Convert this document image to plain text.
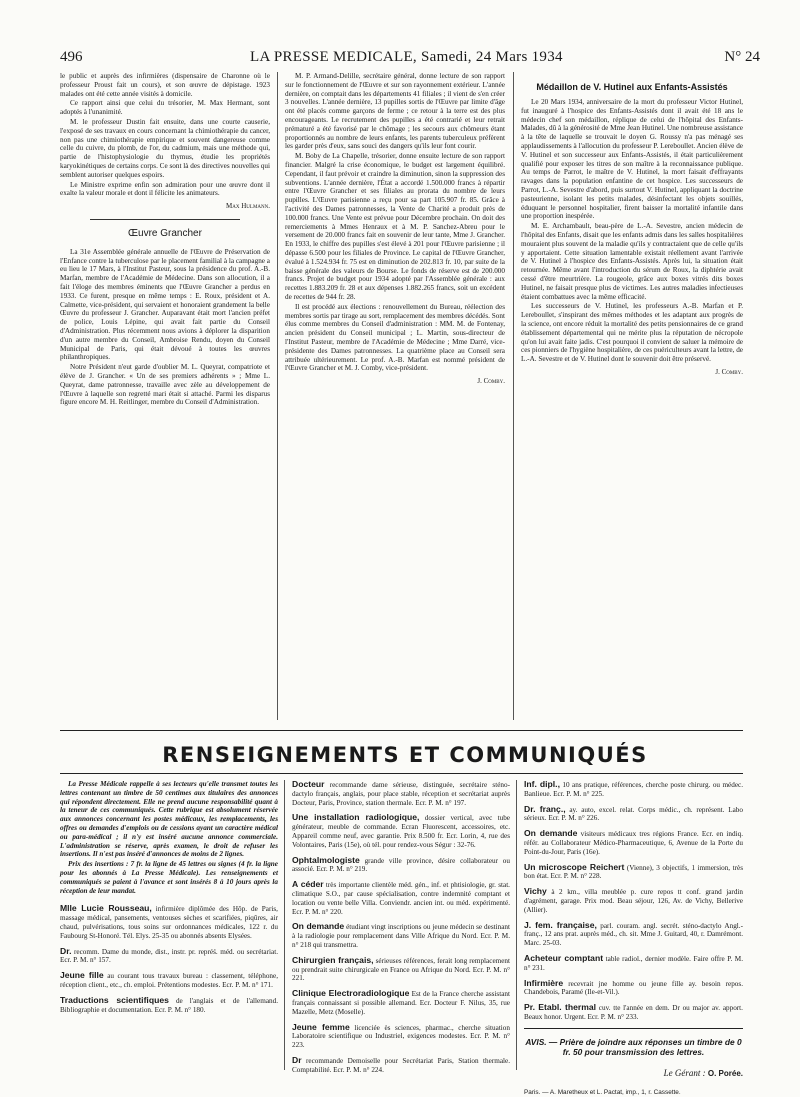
496	LA PRESSE MEDICALE, Samedi, 24 Mars 1934	N° 24

le public et auprès des infirmières (dispensaire de Charonne où le professeur Proust fait un cours), et son œuvre de dépistage. 1923 malades ont été cette année visités à domicile.

Ce rapport ainsi que celui du trésorier, M. Max Hermant, sont adoptés à l'unanimité.

M. le professeur Dustin fait ensuite, dans une courte causerie, l'exposé de ses travaux en cours concernant la chimiothérapie du cancer, non pas une chimiothérapie empirique et souvent dangereuse comme celle du cuivre, du plomb, de l'or, du cadmium, mais une méthode qui, partie de l'histophysiologie du thymus, étudie les propriétés karyokinétiques de certains corps. Ce sont là des directives nouvelles qui semblent autoriser quelques espoirs.

Le Ministre exprime enfin son admiration pour une œuvre dont il exalte la valeur morale et dont il félicite les animateurs.

Max Hulmann.
Œuvre Grancher

La 31e Assemblée générale annuelle de l'Œuvre de Préservation de l'Enfance contre la tuberculose par le placement familial à la campagne a eu lieu le 17 Mars, à l'Institut Pasteur, sous la présidence du prof. A.-B. Marfan, membre de l'Académie de Médecine. Dans son allocution, il a fait l'éloge des membres éminents que l'Œuvre Grancher a perdus en 1933. Ce furent, presque en même temps : E. Roux, président et A. Calmette, vice-président, qui servaient et honoraient grandement la belle Œuvre du professeur J. Grancher. Auparavant était mort l'ancien préfet de police, Louis Lépine, qui avait fait partie du Conseil d'Administration. Plus récemment nous avions à déplorer la disparition d'un autre membre du Conseil, Ambroise Rendu, doyen du Conseil Municipal de Paris, qui était dévoué à toutes les œuvres philanthropiques.

Notre Président n'eut garde d'oublier M. L. Queyrat, compatriote et élève de J. Grancher. « Un de ses premiers adhérents » ; Mme L. Queyrat, dame patronnesse, travaille avec zèle au développement de l'Œuvre à laquelle son regretté mari était si attaché. Parmi les disparus figure encore M. H. Reitlinger, membre du Conseil d'Administration.

M. P. Armand-Delille, secrétaire général, donne lecture de son rapport sur le fonctionnement de l'Œuvre et sur son rayonnement extérieur. L'année dernière, on comptait dans les départements 41 filiales ; il vient de s'en créer 3 nouvelles. L'année dernière, 13 pupilles sortis de l'Œuvre par limite d'âge ont été placés comme garçons de ferme ; ce retour à la terre est des plus encourageants. Le recrutement des pupilles a été contrarié et leur retrait prématuré a été favorisé par le chômage ; les secours aux chômeurs étant proportionnés au nombre de leurs enfants, les parents tuberculeux préfèrent les garder près d'eux, sans souci des dangers qu'ils leur font courir.

M. Boby de La Chapelle, trésorier, donne ensuite lecture de son rapport financier. Malgré la crise économique, le budget est largement équilibré. Cependant, il faut prévoir et craindre la diminution, sinon la suppression des subventions. L'année dernière, l'État a accordé 1.500.000 francs à répartir entre l'Œuvre Grancher et ses filiales au prorata du nombre de leurs pupilles. L'Œuvre parisienne a reçu pour sa part 105.907 fr. 85. Grâce à l'activité des Dames patronnesses, la Vente de Charité a produit près de 100.000 francs. Une Vente est prévue pour Décembre prochain. On doit des remerciements à Mmes Henraux et à M. P. Sanchez-Abreu pour le versement de 20.000 francs fait en souvenir de leur tante, Mme J. Grancher. En 1933, le chiffre des pupilles s'est élevé à 201 pour l'Œuvre parisienne ; il dépasse 6.500 pour les filiales de Province. Le capital de l'Œuvre Grancher, évalué à 1.524.934 fr. 75 est en diminution de 202.813 fr. 10, par suite de la baisse générale des valeurs de Bourse. Le fonds de réserve est de 200.000 francs. Projet de budget pour 1934 adopté par l'Assemblée générale : aux recettes 1.883.209 fr. 28 et aux dépenses 1.882.265 francs, soit un excédent de recettes de 944 fr. 28.

Il est procédé aux élections : renouvellement du Bureau, réélection des membres sortis par tirage au sort, remplacement des membres décédés. Sont élus comme membres du Conseil d'administration : MM. M. de Fontenay, ancien président du Conseil municipal ; L. Martin, sous-directeur de l'Institut Pasteur, membre de l'Académie de Médecine ; Mme Darré, vice-présidente des Dames patronnesses. La quatrième place au Conseil sera attribuée ultérieurement. Le prof. A.-B. Marfan est nommé président de l'Œuvre Grancher et M. J. Comby, vice-président.

J. Comby.
Médaillon de V. Hutinel aux Enfants-Assistés

Le 20 Mars 1934, anniversaire de la mort du professeur Victor Hutinel, fut inauguré à l'hospice des Enfants-Assistés dont il avait été 18 ans le médecin chef son médaillon, réplique de celui de l'hôpital des Enfants-Malades, dû à la générosité de Mme Jean Hutinel. Une nombreuse assistance à la tête de laquelle se trouvait le doyen G. Roussy n'a pas ménagé ses applaudissements à l'allocution du professeur P. Lereboullet. Ancien élève de V. Hutinel et son successeur aux Enfants-Assistés, il était particulièrement qualifié pour exposer les titres de son maître à la reconnaissance publique. Au temps de Parrot, le maître de V. Hutinel, la mort faisait d'effrayants ravages dans la population enfantine de cet hospice. Les successeurs de Parrot, L.-A. Sevestre d'abord, puis surtout V. Hutinel, appliquant la doctrine pasteurienne, isolant les petits malades, désinfectant les objets souillés, éduquant le personnel hospitalier, firent baisser la mortalité infantile dans une proportion inespérée.

M. E. Archambault, beau-père de L.-A. Sevestre, ancien médecin de l'hôpital des Enfants, disait que les enfants admis dans les salles hospitalières mouraient plus souvent de la maladie qu'ils y contractaient que de celle qu'ils y apportaient. Cette situation lamentable existait réellement avant l'arrivée de V. Hutinel à l'hospice des Enfants-Assistés. Après lui, la situation était retournée. Même avant l'introduction du sérum de Roux, la diphtérie avait cessé d'être meurtrière. La rougeole, grâce aux boxes vitrés dits boxes Hutinel, ne faisait presque plus de victimes. Les autres maladies infectieuses étaient combattues avec la même efficacité.

Les successeurs de V. Hutinel, les professeurs A.-B. Marfan et P. Lereboullet, s'inspirant des mêmes méthodes et les adaptant aux progrès de la science, ont encore réduit la mortalité des petits pensionnaires de ce grand établissement départemental qui ne mérite plus la réputation de nécropole qu'on lui avait faite jadis. C'est pourquoi il convient de saluer la mémoire de ces pionniers de l'hygiène hospitalière, de ces puériculteurs avant la lettre, de L.-A. Sevestre et de V. Hutinel dont le souvenir doit être préservé.

J. Comby.
RENSEIGNEMENTS ET COMMUNIQUÉS

La Presse Médicale rappelle à ses lecteurs qu'elle transmet toutes les lettres contenant un timbre de 50 centimes aux titulaires des annonces qui répondent directement. Elle ne prend aucune responsabilité quant à la teneur de ces communiqués. Cette rubrique est absolument réservée aux annonces concernant les postes médicaux, les remplacements, les offres ou demandes d'emplois ou de cessions ayant un caractère médical ou para-médical ; il n'y est inséré aucune annonce commerciale. L'administration se réserve, après examen, le droit de refuser les insertions. Il n'est pas inséré d'annonces de moins de 2 lignes.

Prix des insertions : 7 fr. la ligne de 45 lettres ou signes (4 fr. la ligne pour les abonnés à La Presse Médicale). Les renseignements et communiqués se paient à l'avance et sont insérés 8 à 10 jours après la réception de leur mandat.

Mlle Lucie Rousseau, infirmière diplômée des Hôp. de Paris, massage médical, pansements, ventouses sèches et scarifiées, piqûres, air chaud, pulvérisations, tous soins sur ordonnances médicales, 122 r. du Faubourg St-Honoré. Tél. Elys. 25-35 ou abonnés absents Elysées.
Dr. recomm. Dame du monde, dist., instr. pr. repréś. méd. ou secrétariat. Ecr. P. M. n° 157.
Jeune fille au courant tous travaux bureau : classement, téléphone, réception client., etc., ch. emploi. Prétentions modestes. Ecr. P. M. n° 171.
Traductions scientifiques de l'anglais et de l'allemand. Bibliographie et documentation. Ecr. P. M. n° 180.
Docteur recommande dame sérieuse, distinguée, secrétaire sténo-dactylo français, anglais, pour place stable, réception et secrétariat auprès Docteur, Paris, Province, station thermale. Ecr. P. M. n° 197.
Une installation radiologique, dossier vertical, avec tube générateur, meuble de commande. Ecran Fluorescent, accessoires, etc. Appareil comme neuf, avec garantie. Prix 8.500 fr. Ecr. Lorin, 4, rue des Volontaires, Paris (15e), où tél. pour rendez-vous Ségur : 32-76.
Ophtalmologiste grande ville province, désire collaborateur ou associé. Ecr. P. M. n° 219.
A céder très importante clientèle méd. gén., inf. et phtisiologie, gr. stat. climatique S.O., par cause spécialisation, contre indemnité comptant et location ou vente belle Villa. Conviendr. ancien int. ou méd. expérimenté. Ecr. P. M. n° 220.
On demande étudiant vingt inscriptions ou jeune médecin se destinant à la radiologie pour remplacement dans Ville Afrique du Nord. Ecr. P. M. n° 218 qui transmettra.
Chirurgien français, sérieuses références, ferait long remplacement ou prendrait suite chirurgicale en France ou Afrique du Nord. Ecr. P. M. n° 221.
Clinique Electroradiologique Est de la France cherche assistant français connaissant si possible allemand. Ecr. Docteur F. Nilus, 35, rue Mazelle, Metz (Moselle).
Jeune femme licenciée ès sciences, pharmac., cherche situation Laboratoire scientifique ou Industriel, exigences modestes. Ecr. P. M. n° 223.
Dr recommande Demoiselle pour Secrétariat Paris, Station thermale. Comptabilité. Ecr. P. M. n° 224.
Inf. dipl., 10 ans pratique, références, cherche poste chirurg. ou médec. Banlieue. Ecr. P. M. n° 225.
Dr. franç., ay. auto, excel. relat. Corps médic., ch. représent. Labo sérieux. Ecr. P. M. n° 226.
On demande visiteurs médicaux tres régions France. Ecr. en indiq. référ. au Collaborateur Médico-Pharmaceutique, 6, Avenue de la Porte du Point-du-Jour, Paris (16e).
Un microscope Reichert (Vienne), 3 objectifs, 1 immersion, très bon état. Ecr. P. M. n° 228.
Vichy à 2 km., villa meublée p. cure repos tt conf. grand jardin d'agrément, garage. Prix mod. Beau séjour, 126, Av. de Vichy, Bellerive (Allier).
J. fem. française, parl. couram. angl. secrét. sténo-dactylo Angl.-franç., 12 ans prat. auprès méd., ch. sit. Mme J. Guitard, 40, r. Damrémont. Marc. 25-03.
Acheteur comptant table radiol., dernier modèle. Faire offre P. M. n° 231.
Infirmière recevrait jne homme ou jeune fille ay. besoin repos. Chandebois, Paramé (Ile-et-Vil.).
Pr. Etabl. thermal cuv. tte l'année en dem. Dr ou major av. apport. Beaux honor. Urgent. Ecr. P. M. n° 233.
AVIS. — Prière de joindre aux réponses un timbre de 0 fr. 50 pour transmission des lettres.
Le Gérant : O. Porée.
Paris. — A. Maretheux et L. Pactat, imp., 1, r. Cassette.
